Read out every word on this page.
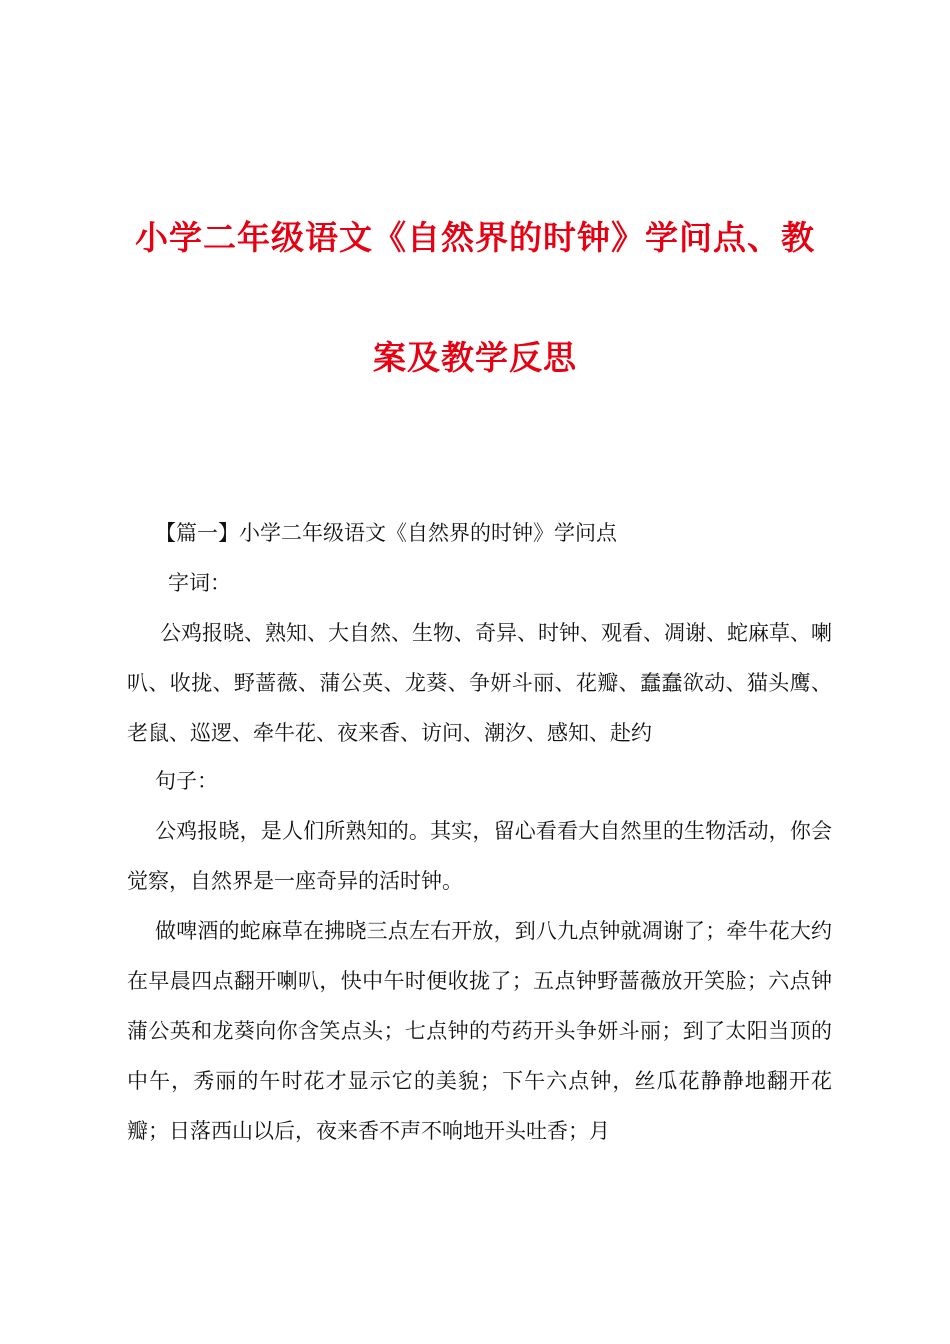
小学二年级语文《自然界的时钟》学问点、教
案及教学反思
【篇一】小学二年级语文《自然界的时钟》学问点
字词：

公鸡报晓、熟知、大自然、生物、奇异、时钟、观看、凋谢、蛇麻草、喇叭、收拢、野蔷薇、蒲公英、龙葵、争妍斗丽、花瓣、蠢蠢欲动、猫头鹰、老鼠、巡逻、牵牛花、夜来香、访问、潮汐、感知、赴约

句子：

公鸡报晓，是人们所熟知的。其实，留心看看大自然里的生物活动，你会觉察，自然界是一座奇异的活时钟。

做啤酒的蛇麻草在拂晓三点左右开放，到八九点钟就凋谢了；牵牛花大约在早晨四点翻开喇叭，快中午时便收拢了；五点钟野蔷薇放开笑脸；六点钟蒲公英和龙葵向你含笑点头；七点钟的芍药开头争妍斗丽；到了太阳当顶的中午，秀丽的午时花才显示它的美貌；下午六点钟，丝瓜花静静地翻开花瓣；日落西山以后，夜来香不声不响地开头吐香；月
